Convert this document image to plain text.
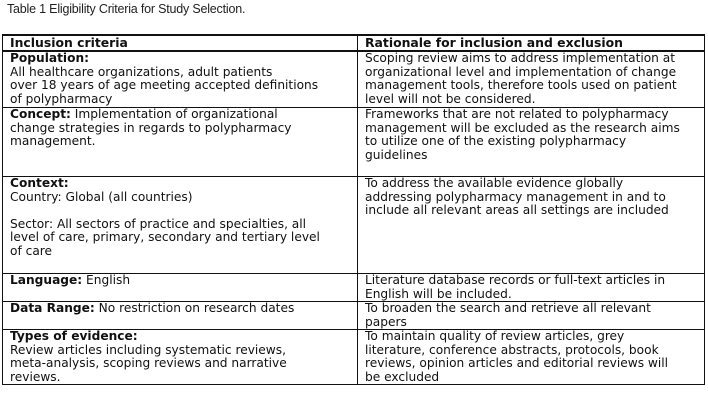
Table 1 Eligibility Criteria for Study Selection.
Inclusion criteria	Rationale for inclusion and exclusion

Population:
All healthcare organizations, adult patients
over 18 years of age meeting accepted definitions
of polypharmacy	Scoping review aims to address implementation at
organizational level and implementation of change
management tools, therefore tools used on patient
level will not be considered.

Concept: Implementation of organizational
change strategies in regards to polypharmacy
management.	Frameworks that are not related to polypharmacy
management will be excluded as the research aims
to utilize one of the existing polypharmacy
guidelines

Context:
Country: Global (all countries)
Sector: All sectors of practice and specialties, all
level of care, primary, secondary and tertiary level
of care	To address the available evidence globally
addressing polypharmacy management in and to
include all relevant areas all settings are included

Language: English	Literature database records or full-text articles in
English will be included.

Data Range: No restriction on research dates	To broaden the search and retrieve all relevant
papers

Types of evidence:
Review articles including systematic reviews,
meta-analysis, scoping reviews and narrative
reviews.	To maintain quality of review articles, grey
literature, conference abstracts, protocols, book
reviews, opinion articles and editorial reviews will
be excluded
